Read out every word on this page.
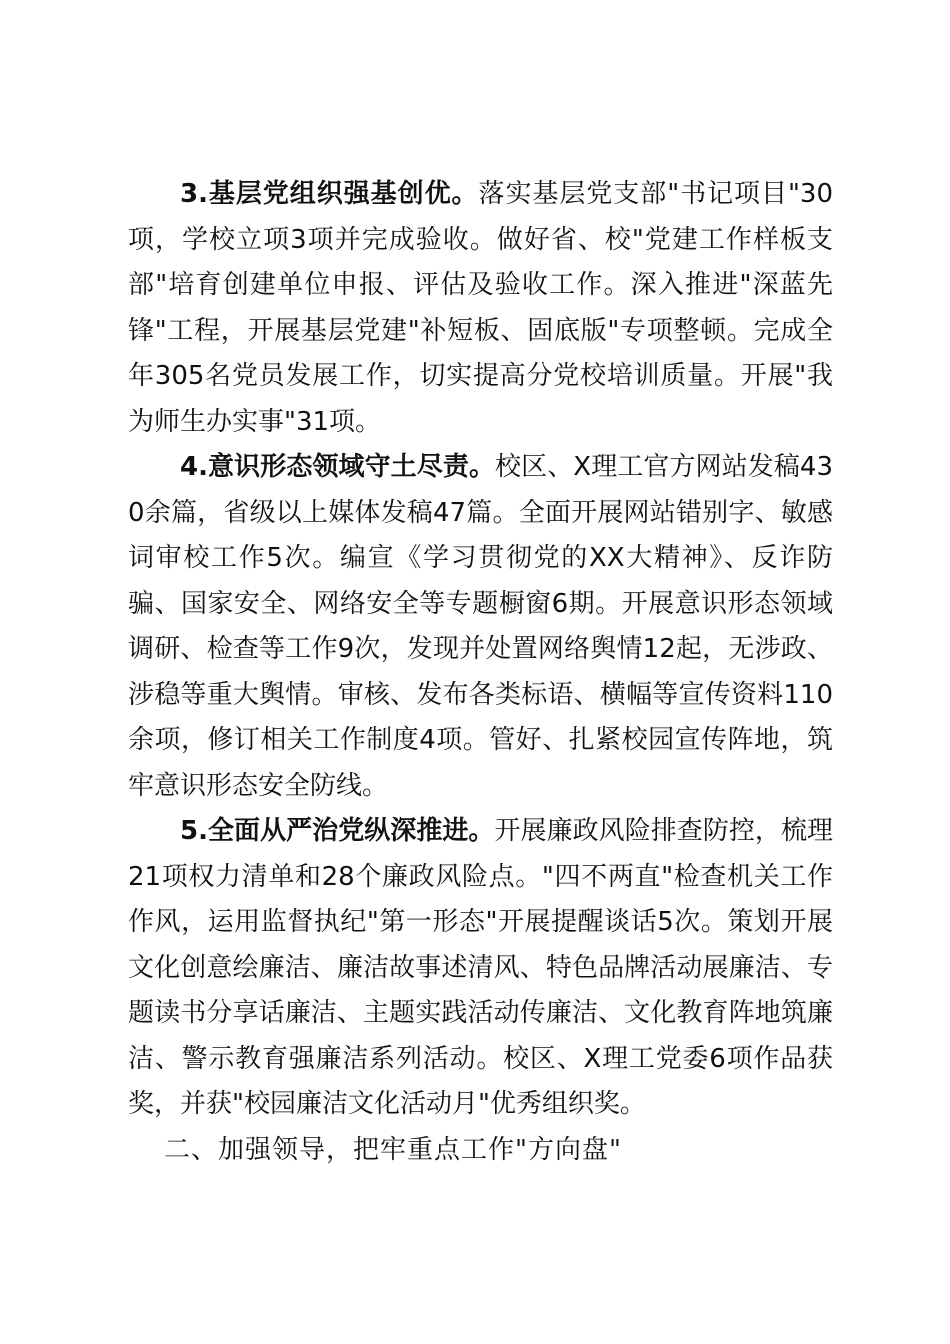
3.基层党组织强基创优。落实基层党支部"书记项目"30项，学校立项3项并完成验收。做好省、校"党建工作样板支部"培育创建单位申报、评估及验收工作。深入推进"深蓝先锋"工程，开展基层党建"补短板、固底版"专项整顿。完成全年305名党员发展工作，切实提高分党校培训质量。开展"我为师生办实事"31项。

4.意识形态领域守土尽责。校区、X理工官方网站发稿430余篇，省级以上媒体发稿47篇。全面开展网站错别字、敏感词审校工作5次。编宣《学习贯彻党的XX大精神》、反诈防骗、国家安全、网络安全等专题橱窗6期。开展意识形态领域调研、检查等工作9次，发现并处置网络舆情12起，无涉政、涉稳等重大舆情。审核、发布各类标语、横幅等宣传资料110余项，修订相关工作制度4项。管好、扎紧校园宣传阵地，筑牢意识形态安全防线。

5.全面从严治党纵深推进。开展廉政风险排查防控，梳理21项权力清单和28个廉政风险点。"四不两直"检查机关工作作风，运用监督执纪"第一形态"开展提醒谈话5次。策划开展文化创意绘廉洁、廉洁故事述清风、特色品牌活动展廉洁、专题读书分享话廉洁、主题实践活动传廉洁、文化教育阵地筑廉洁、警示教育强廉洁系列活动。校区、X理工党委6项作品获奖，并获"校园廉洁文化活动月"优秀组织奖。

二、加强领导，把牢重点工作"方向盘"
